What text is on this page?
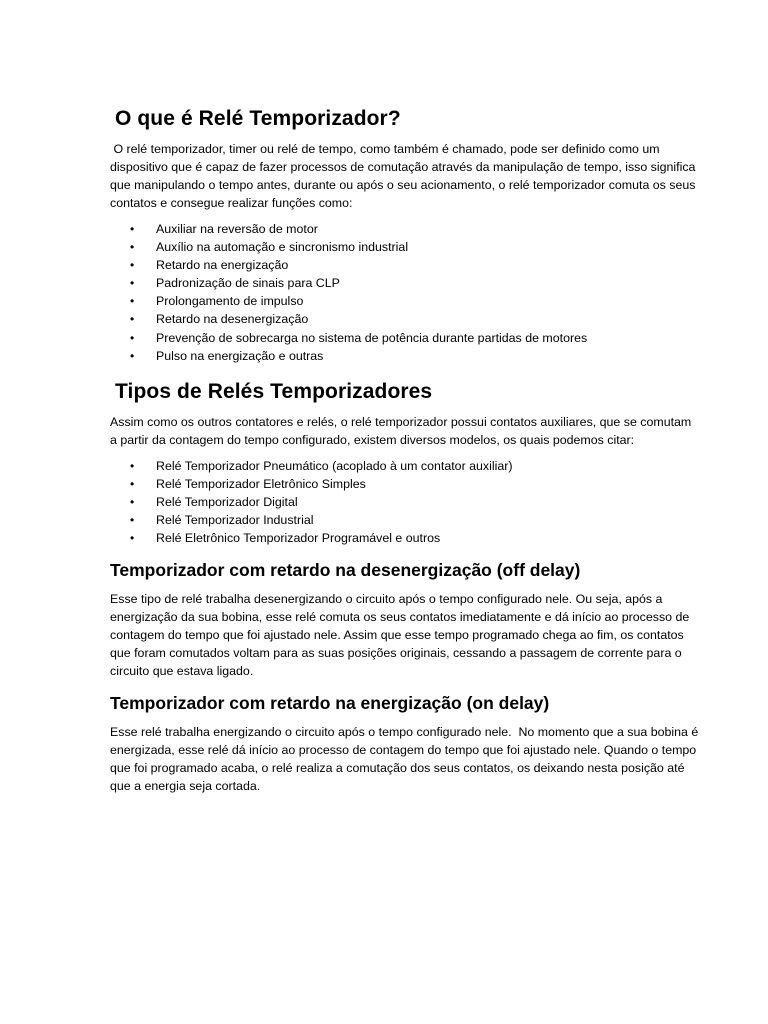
O que é Relé Temporizador?

O relé temporizador, timer ou relé de tempo, como também é chamado, pode ser definido como um dispositivo que é capaz de fazer processos de comutação através da manipulação de tempo, isso significa que manipulando o tempo antes, durante ou após o seu acionamento, o relé temporizador comuta os seus contatos e consegue realizar funções como:

• Auxiliar na reversão de motor
• Auxílio na automação e sincronismo industrial
• Retardo na energização
• Padronização de sinais para CLP
• Prolongamento de impulso
• Retardo na desenergização
• Prevenção de sobrecarga no sistema de potência durante partidas de motores
• Pulso na energização e outras
Tipos de Relés Temporizadores

Assim como os outros contatores e relés, o relé temporizador possui contatos auxiliares, que se comutam a partir da contagem do tempo configurado, existem diversos modelos, os quais podemos citar:

• Relé Temporizador Pneumático (acoplado à um contator auxiliar)
• Relé Temporizador Eletrônico Simples
• Relé Temporizador Digital
• Relé Temporizador Industrial
• Relé Eletrônico Temporizador Programável e outros
Temporizador com retardo na desenergização (off delay)

Esse tipo de relé trabalha desenergizando o circuito após o tempo configurado nele. Ou seja, após a energização da sua bobina, esse relé comuta os seus contatos imediatamente e dá início ao processo de contagem do tempo que foi ajustado nele. Assim que esse tempo programado chega ao fim, os contatos que foram comutados voltam para as suas posições originais, cessando a passagem de corrente para o circuito que estava ligado.

Temporizador com retardo na energização (on delay)

Esse relé trabalha energizando o circuito após o tempo configurado nele.  No momento que a sua bobina é energizada, esse relé dá início ao processo de contagem do tempo que foi ajustado nele. Quando o tempo que foi programado acaba, o relé realiza a comutação dos seus contatos, os deixando nesta posição até que a energia seja cortada.
